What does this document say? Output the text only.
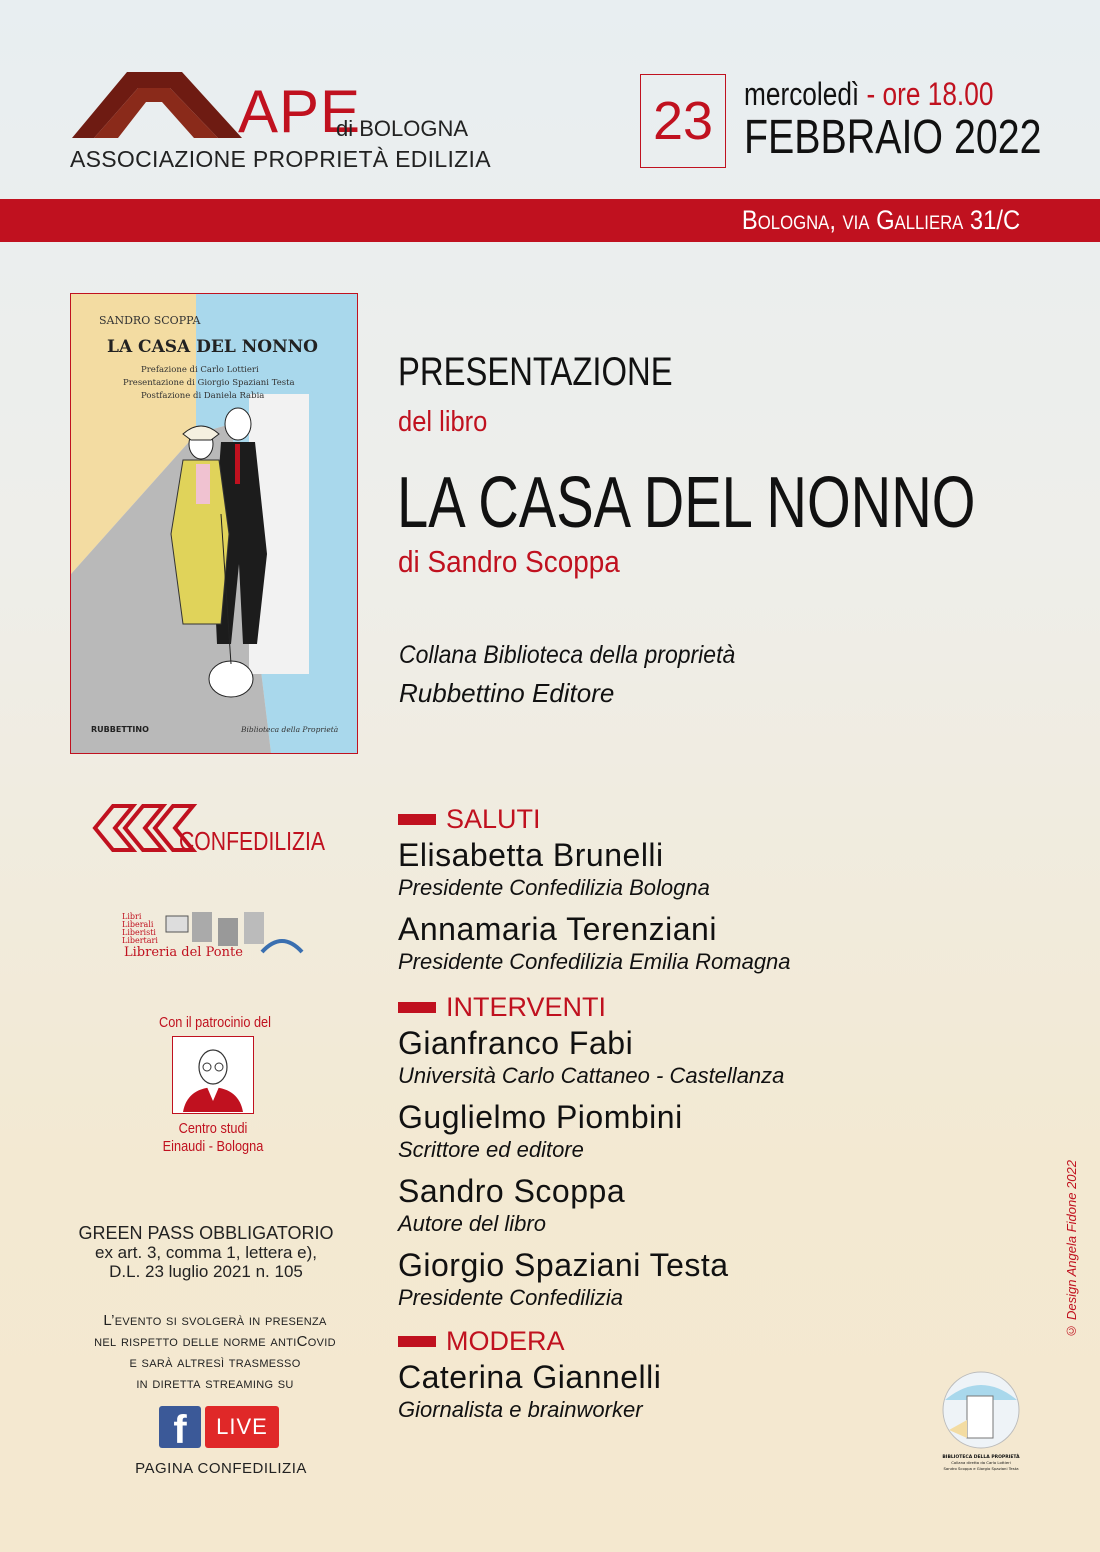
APE
di BOLOGNA
ASSOCIAZIONE PROPRIETÀ EDILIZIA
23 mercoledì - ore 18.00
FEBBRAIO 2022
Bologna, via Galliera 31/C
SANDRO SCOPPA
LA CASA DEL NONNO
Prefazione di Carlo Lottieri
Presentazione di Giorgio Spaziani Testa
Postfazione di Daniela Rabia
RUBBETTINO	Biblioteca della Proprietà
PRESENTAZIONE
del libro
LA CASA DEL NONNO
di Sandro Scoppa
Collana Biblioteca della proprietà
Rubbettino Editore
SALUTI
Elisabetta Brunelli
Presidente Confedilizia Bologna
Annamaria Terenziani
Presidente Confedilizia Emilia Romagna
INTERVENTI
Gianfranco Fabi
Università Carlo Cattaneo - Castellanza
Guglielmo Piombini
Scrittore ed editore
Sandro Scoppa
Autore del libro
Giorgio Spaziani Testa
Presidente Confedilizia
MODERA
Caterina Giannelli
Giornalista e brainworker
CONFEDILIZIA
Libri
Liberali
Liberisti
Libertari
Libreria del Ponte
Con il patrocinio del
Centro studi
Einaudi - Bologna
GREEN PASS OBBLIGATORIO
ex art. 3, comma 1, lettera e),
D.L. 23 luglio 2021 n. 105
L’evento si svolgerà in presenza
nel rispetto delle norme antiCovid
e sarà altresì trasmesso
in diretta streaming su
f	LIVE
PAGINA CONFEDILIZIA
BIBLIOTECA DELLA PROPRIETÀ
Collana diretta da Carlo Lottieri
Sandro Scoppa e Giorgio Spaziani Testa
© Design Angela Fidone 2022
